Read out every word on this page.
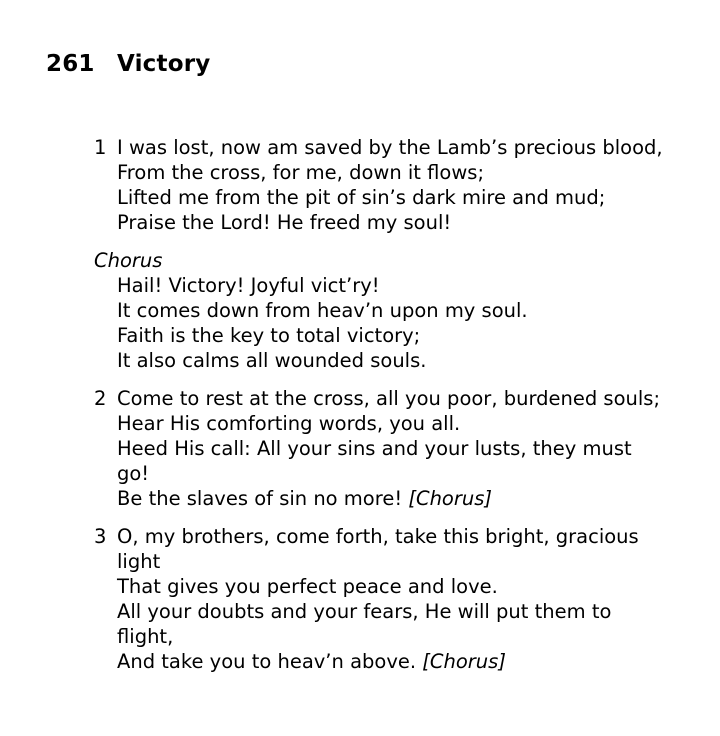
261 Victory
1 I was lost, now am saved by the Lamb’s precious blood,
From the cross, for me, down it flows;
Lifted me from the pit of sin’s dark mire and mud;
Praise the Lord! He freed my soul!
Chorus
Hail! Victory! Joyful vict’ry!
It comes down from heav’n upon my soul.
Faith is the key to total victory;
It also calms all wounded souls.
2 Come to rest at the cross, all you poor, burdened souls;
Hear His comforting words, you all.
Heed His call: All your sins and your lusts, they must
go!
Be the slaves of sin no more! [Chorus]
3 O, my brothers, come forth, take this bright, gracious
light
That gives you perfect peace and love.
All your doubts and your fears, He will put them to
flight,
And take you to heav’n above. [Chorus]
